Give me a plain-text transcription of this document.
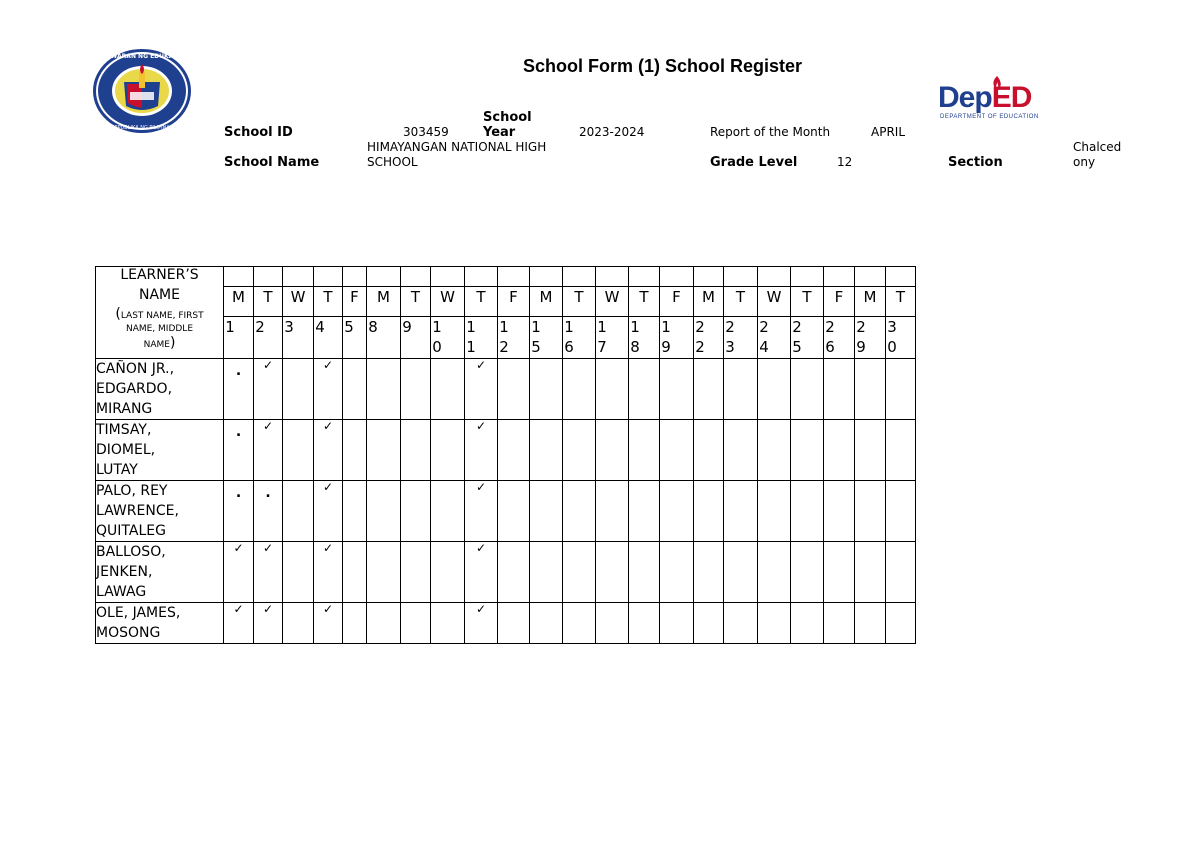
KAGAWARAN NG EDUKASYON
REPUBLIKA NG PILIPINAS
DepED
DEPARTMENT OF EDUCATION
School Form (1) School Register
School ID	303459
School
Year	2023-2024	Report of the Month	APRIL
School Name
HIMAYANGAN NATIONAL HIGH
SCHOOL	Grade Level	12	Section
Chalced
ony
LEARNER’S
NAME
(LAST NAME, FIRST
NAME, MIDDLE
NAME)																						

	M	T	W	T	F	M	T	W	T	F	M	T	W	T	F	M	T	W	T	F	M	T

	1	2	3	4	5	8	9	10	11	12	15	16	17	18	19	22	23	24	25	26	29	30

CAÑON JR.,
EDGARDO,
MIRANG	.	✓		✓					✓													

TIMSAY,
DIOMEL,
LUTAY	.	✓		✓					✓													

PALO, REY
LAWRENCE,
QUITALEG	.	.		✓					✓													

BALLOSO,
JENKEN,
LAWAG	✓	✓		✓					✓													

OLE, JAMES,
MOSONG	✓	✓		✓					✓													
